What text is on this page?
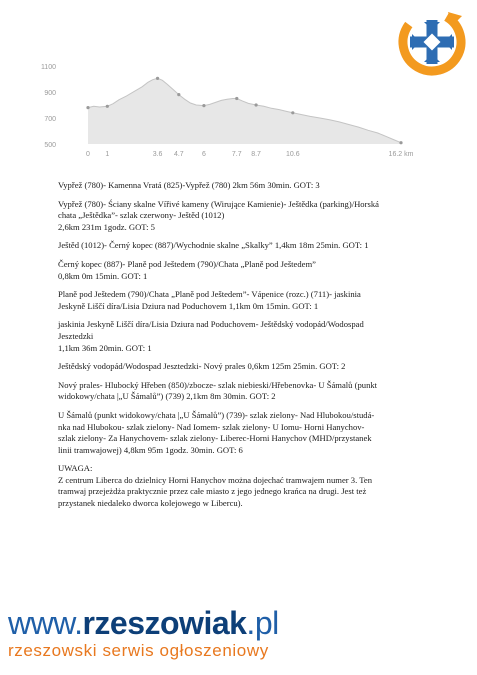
1100
900
700
500
0 1	3.6 4.7	6	7.7 8.7	10.6	16.2 km
Vypřež (780)- Kamenna Vratá (825)-Vypřež (780) 2km 56m 30min. GOT: 3
Vypřež (780)- Ściany skalne Vířivé kameny (Wirujące Kamienie)- Ještědka (parking)/Horská
chata „Ještědka”- szlak czerwony- Ještěd (1012)
2,6km 231m 1godz. GOT: 5
Ještěd (1012)- Černý kopec (887)/Wychodnie skalne „Skalky” 1,4km 18m 25min. GOT: 1
Černý kopec (887)- Planě pod Ještedem (790)/Chata „Planě pod Ještedem”
0,8km 0m 15min. GOT: 1
Planě pod Ještedem (790)/Chata „Planě pod Ještedem”- Vápenice (rozc.) (711)- jaskinia
Jeskyně Liščí díra/Lisia Dziura nad Poduchovem 1,1km 0m 15min. GOT: 1
jaskinia Jeskyně Liščí díra/Lisia Dziura nad Poduchovem- Ještědský vodopád/Wodospad
Jesztedzki
1,1km 36m 20min. GOT: 1
Ještědský vodopád/Wodospad Jesztedzki- Nový prales 0,6km 125m 25min. GOT: 2
Nový prales- Hlubocký Hřeben (850)/zbocze- szlak niebieski/Hřebenovka- U Šámalů (punkt
widokowy/chata |„U Šámalů”) (739) 2,1km 8m 30min. GOT: 2
U Šámalů (punkt widokowy/chata |„U Šámalů”) (739)- szlak zielony- Nad Hlubokou/studá-
nka nad Hlubokou- szlak zielony- Nad Iomem- szlak zielony- U Iomu- Horni Hanychov-
szlak zielony- Za Hanychovem- szlak zielony- Liberec-Horni Hanychov (MHD/przystanek
linii tramwajowej) 4,8km 95m 1godz. 30min. GOT: 6
UWAGA:
Z centrum Liberca do dzielnicy Horni Hanychov można dojechać tramwajem numer 3. Ten
tramwaj przejeżdża praktycznie przez całe miasto z jego jednego krańca na drugi. Jest też
przystanek niedaleko dworca kolejowego w Libercu).
www.rzeszowiak.pl
rzeszowski serwis ogłoszeniowy
